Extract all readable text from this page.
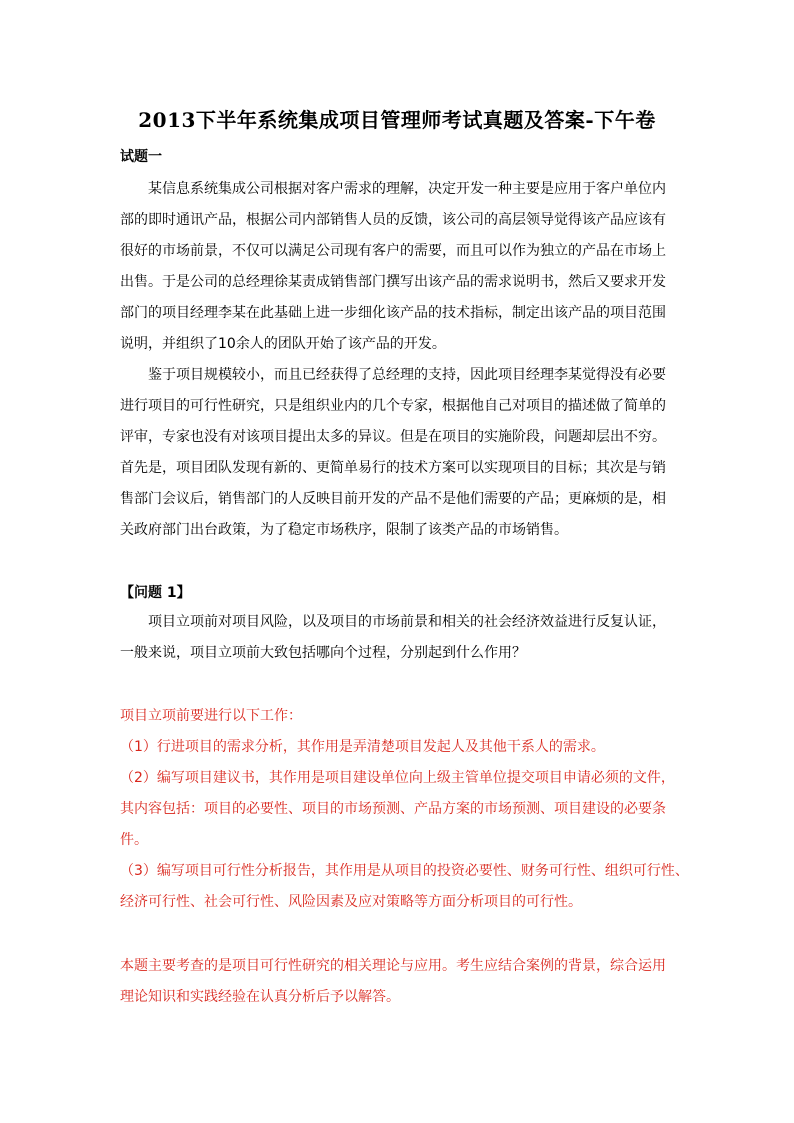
2013下半年系统集成项目管理师考试真题及答案-下午卷
试题一
某信息系统集成公司根据对客户需求的理解，决定开发一种主要是应用于客户单位内
部的即时通讯产品，根据公司内部销售人员的反馈，该公司的高层领导觉得该产品应该有
很好的市场前景，不仅可以满足公司现有客户的需要，而且可以作为独立的产品在市场上
出售。于是公司的总经理徐某责成销售部门撰写出该产品的需求说明书，然后又要求开发
部门的项目经理李某在此基础上进一步细化该产品的技术指标，制定出该产品的项目范围
说明，并组织了10余人的团队开始了该产品的开发。
鉴于项目规模较小，而且已经获得了总经理的支持，因此项目经理李某觉得没有必要
进行项目的可行性研究，只是组织业内的几个专家，根据他自己对项目的描述做了简单的
评审，专家也没有对该项目提出太多的异议。但是在项目的实施阶段，问题却层出不穷。
首先是，项目团队发现有新的、更简单易行的技术方案可以实现项目的目标；其次是与销
售部门会议后，销售部门的人反映目前开发的产品不是他们需要的产品；更麻烦的是，相
关政府部门出台政策，为了稳定市场秩序，限制了该类产品的市场销售。
【问题 1】
项目立项前对项目风险，以及项目的市场前景和相关的社会经济效益进行反复认证，
一般来说，项目立项前大致包括哪向个过程，分别起到什么作用？
项目立项前要进行以下工作：
（1）行进项目的需求分析，其作用是弄清楚项目发起人及其他干系人的需求。
（2）编写项目建议书，其作用是项目建设单位向上级主管单位提交项目申请必须的文件，
其内容包括：项目的必要性、项目的市场预测、产品方案的市场预测、项目建设的必要条
件。
（3）编写项目可行性分析报告，其作用是从项目的投资必要性、财务可行性、组织可行性、
经济可行性、社会可行性、风险因素及应对策略等方面分析项目的可行性。
本题主要考查的是项目可行性研究的相关理论与应用。考生应结合案例的背景，综合运用
理论知识和实践经验在认真分析后予以解答。
